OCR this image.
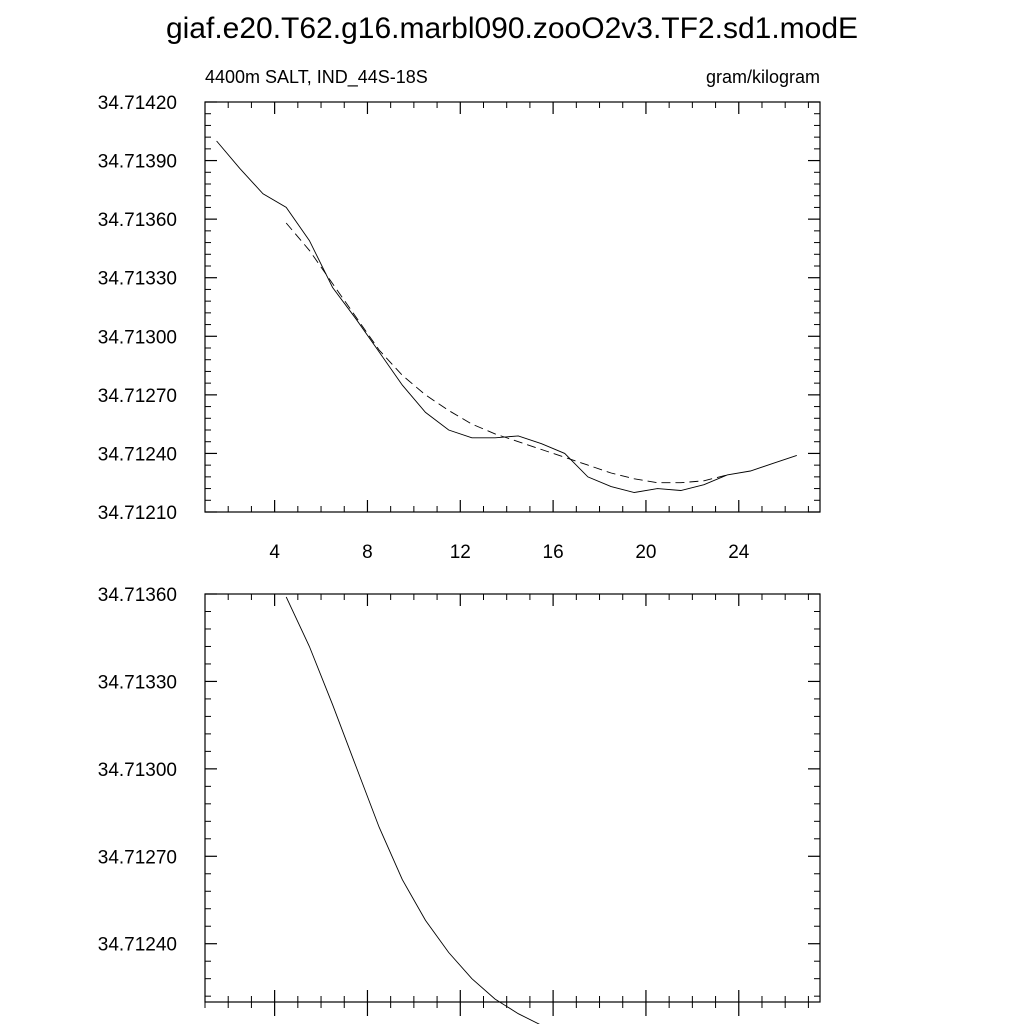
giaf.e20.T62.g16.marbl090.zooO2v3.TF2.sd1.modE
4400m SALT, IND_44S-18S	gram/kilogram
4	8	12	16	20	24
34.71210
34.71240
34.71270
34.71300
34.71330
34.71360
34.71390
34.71420
34.71240
34.71270
34.71300
34.71330
34.71360
